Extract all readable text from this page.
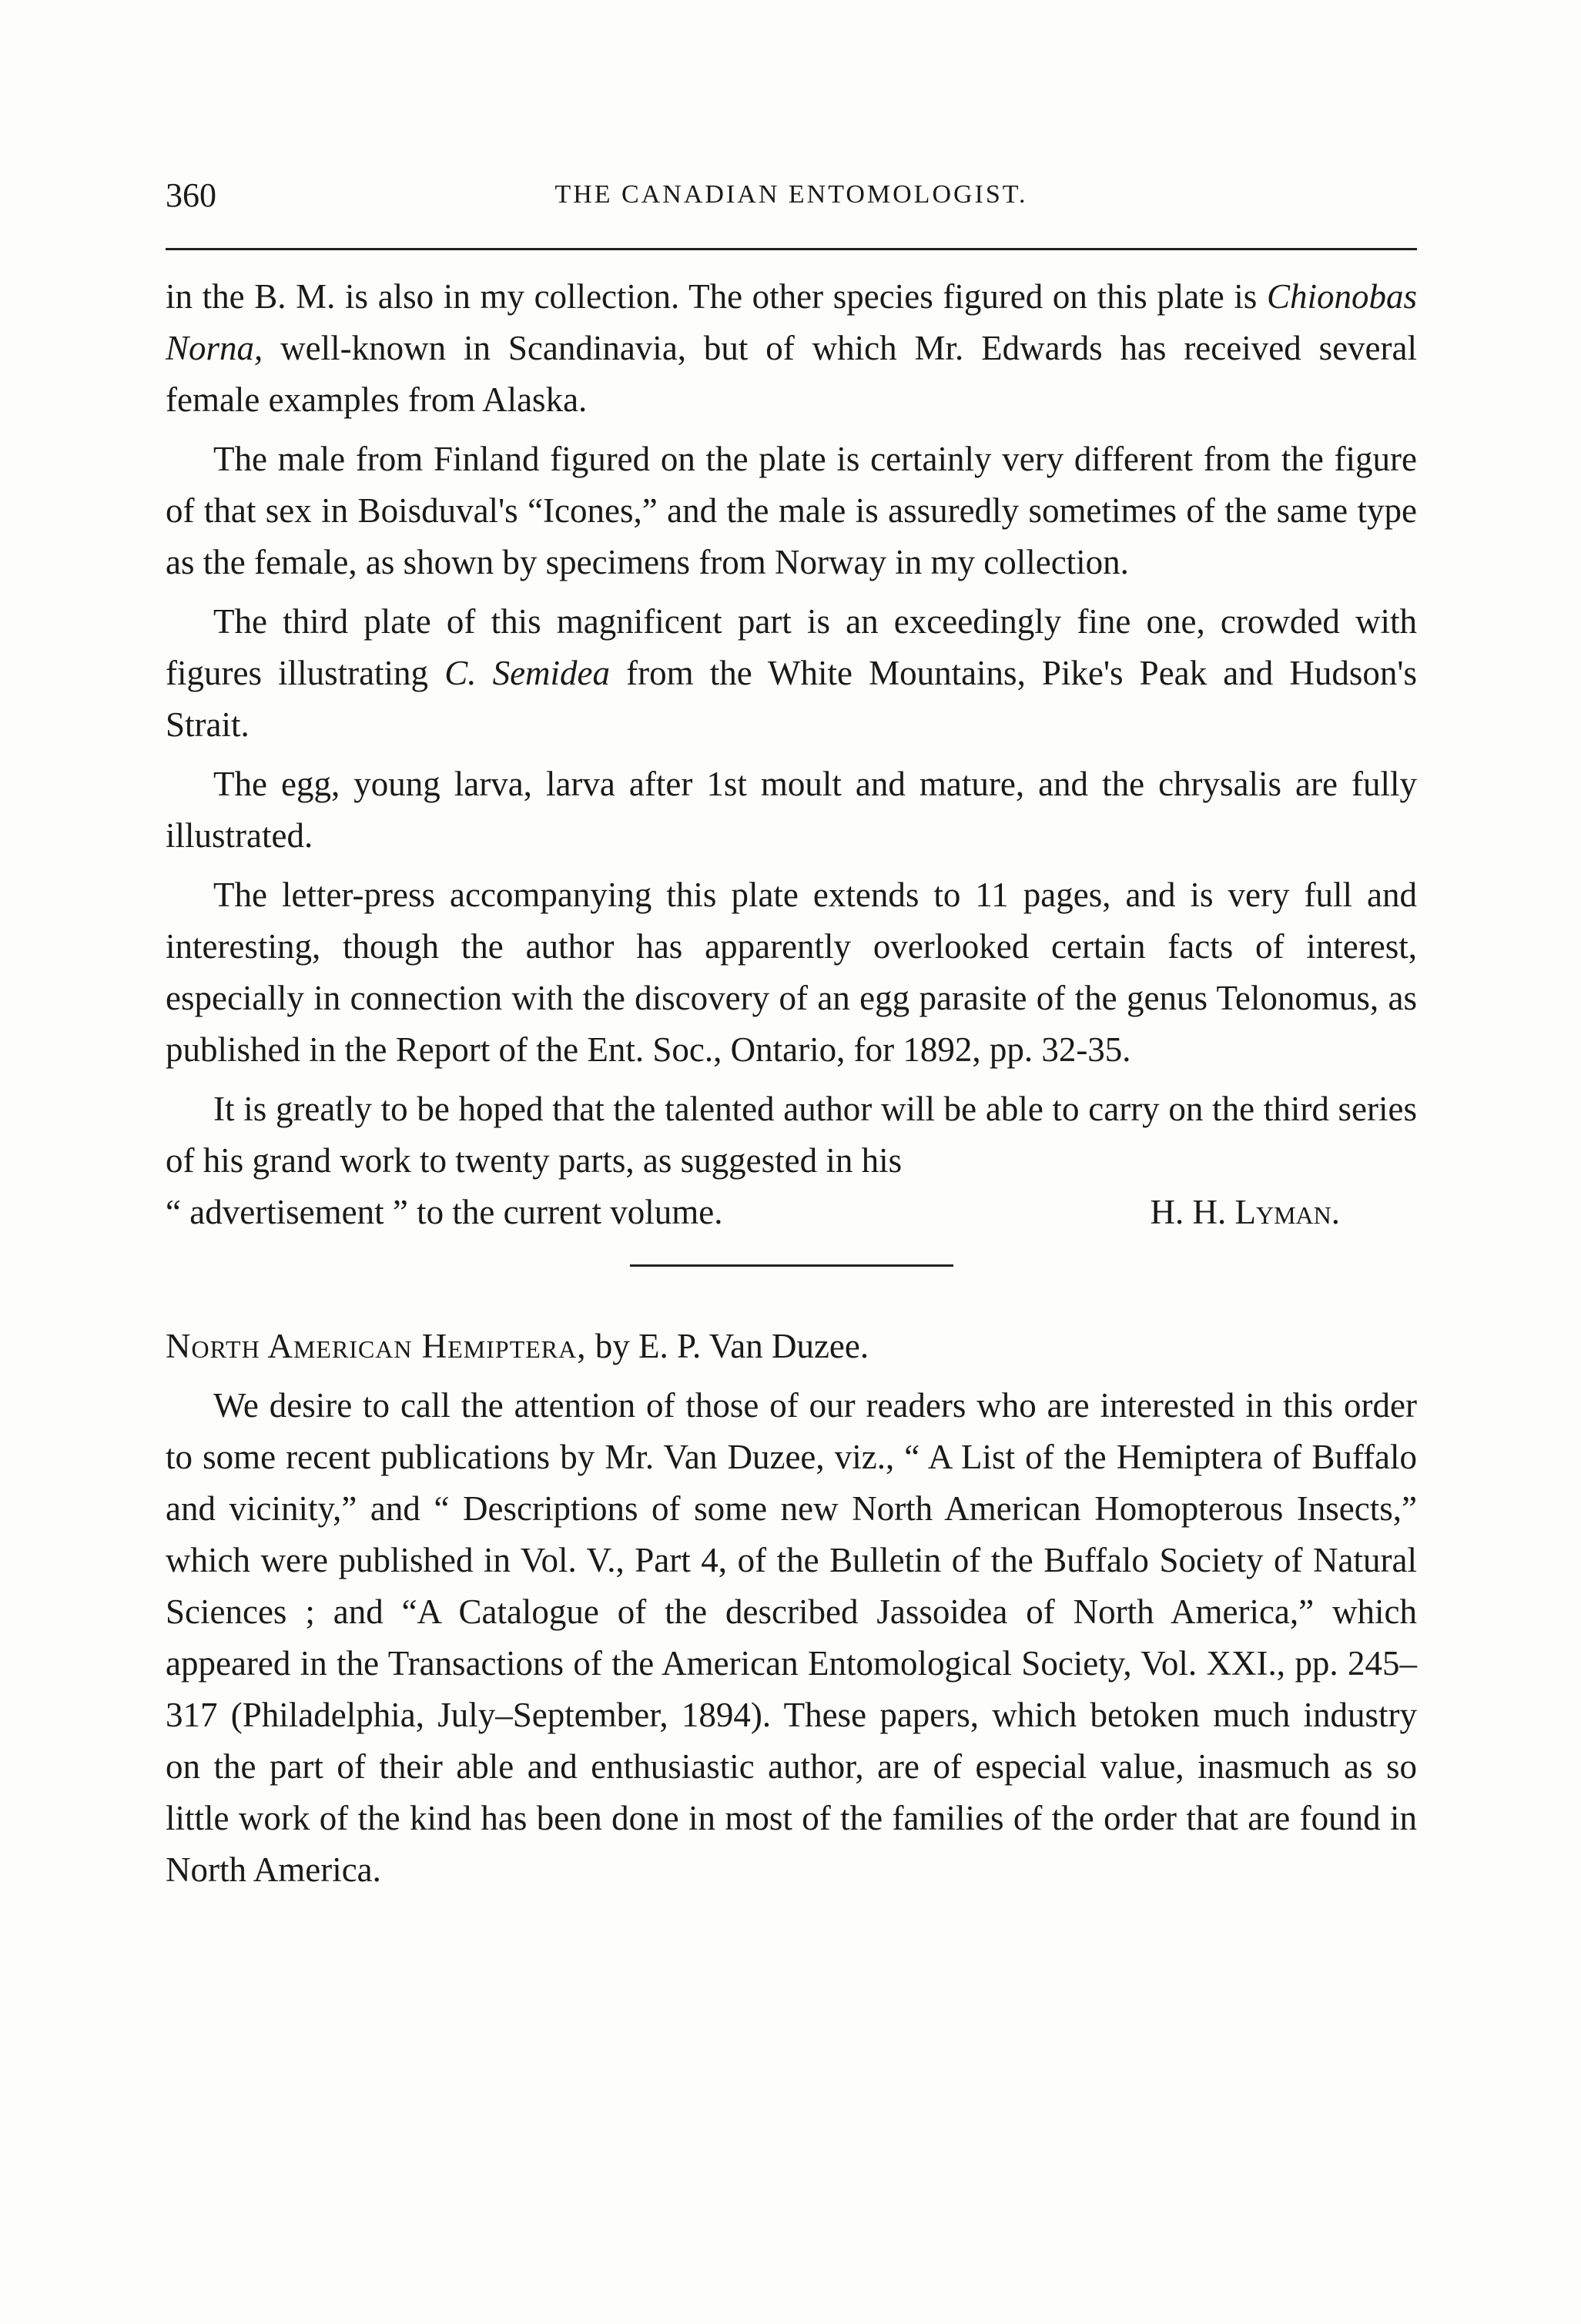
360	THE CANADIAN ENTOMOLOGIST.

in the B. M. is also in my collection. The other species figured on this plate is Chionobas Norna, well-known in Scandinavia, but of which Mr. Edwards has received several female examples from Alaska.

The male from Finland figured on the plate is certainly very different from the figure of that sex in Boisduval's “Icones,” and the male is assuredly sometimes of the same type as the female, as shown by specimens from Norway in my collection.

The third plate of this magnificent part is an exceedingly fine one, crowded with figures illustrating C. Semidea from the White Mountains, Pike's Peak and Hudson's Strait.

The egg, young larva, larva after 1st moult and mature, and the chrysalis are fully illustrated.

The letter-press accompanying this plate extends to 11 pages, and is very full and interesting, though the author has apparently overlooked certain facts of interest, especially in connection with the discovery of an egg parasite of the genus Telonomus, as published in the Report of the Ent. Soc., Ontario, for 1892, pp. 32-35.

It is greatly to be hoped that the talented author will be able to carry on the third series of his grand work to twenty parts, as suggested in his

“ advertisement ” to the current volume.	H. H. Lyman.

North American Hemiptera, by E. P. Van Duzee.

We desire to call the attention of those of our readers who are interested in this order to some recent publications by Mr. Van Duzee, viz., “ A List of the Hemiptera of Buffalo and vicinity,” and “ Descriptions of some new North American Homopterous Insects,” which were published in Vol. V., Part 4, of the Bulletin of the Buffalo Society of Natural Sciences ; and “A Catalogue of the described Jassoidea of North America,” which appeared in the Transactions of the American Entomological Society, Vol. XXI., pp. 245–317 (Philadelphia, July–September, 1894). These papers, which betoken much industry on the part of their able and enthusiastic author, are of especial value, inasmuch as so little work of the kind has been done in most of the families of the order that are found in North America.
